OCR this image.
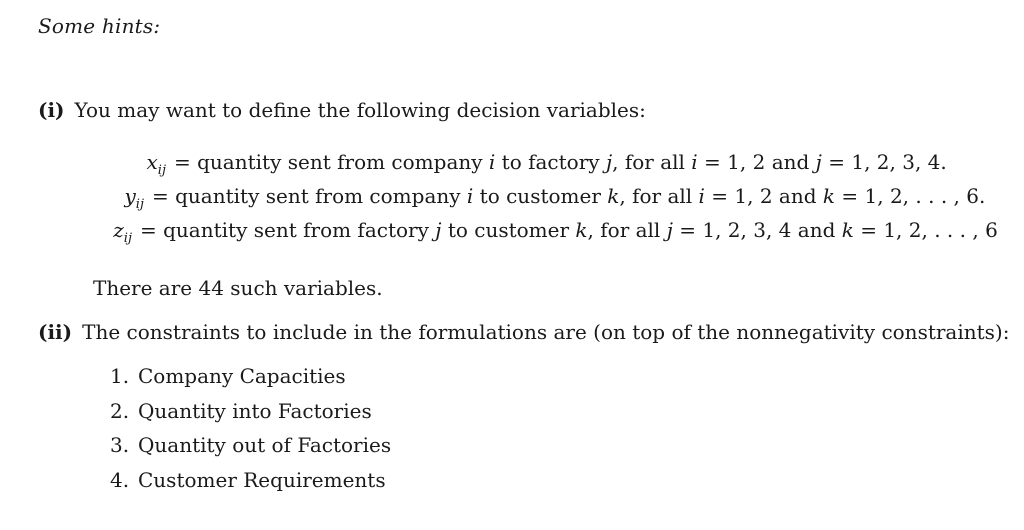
Some hints:
(i) You may want to define the following decision variables:
$x_{ij}$ = quantity sent from company i to factory j, for all i = 1, 2 and j = 1, 2, 3, 4.
$y_{ij}$ = quantity sent from company i to customer k, for all i = 1, 2 and k = 1, 2, . . . , 6.
$z_{ij}$ = quantity sent from factory j to customer k, for all j = 1, 2, 3, 4 and k = 1, 2, . . . , 6
There are 44 such variables.
(ii) The constraints to include in the formulations are (on top of the nonnegativity constraints):
1. Company Capacities
2. Quantity into Factories
3. Quantity out of Factories
4. Customer Requirements
